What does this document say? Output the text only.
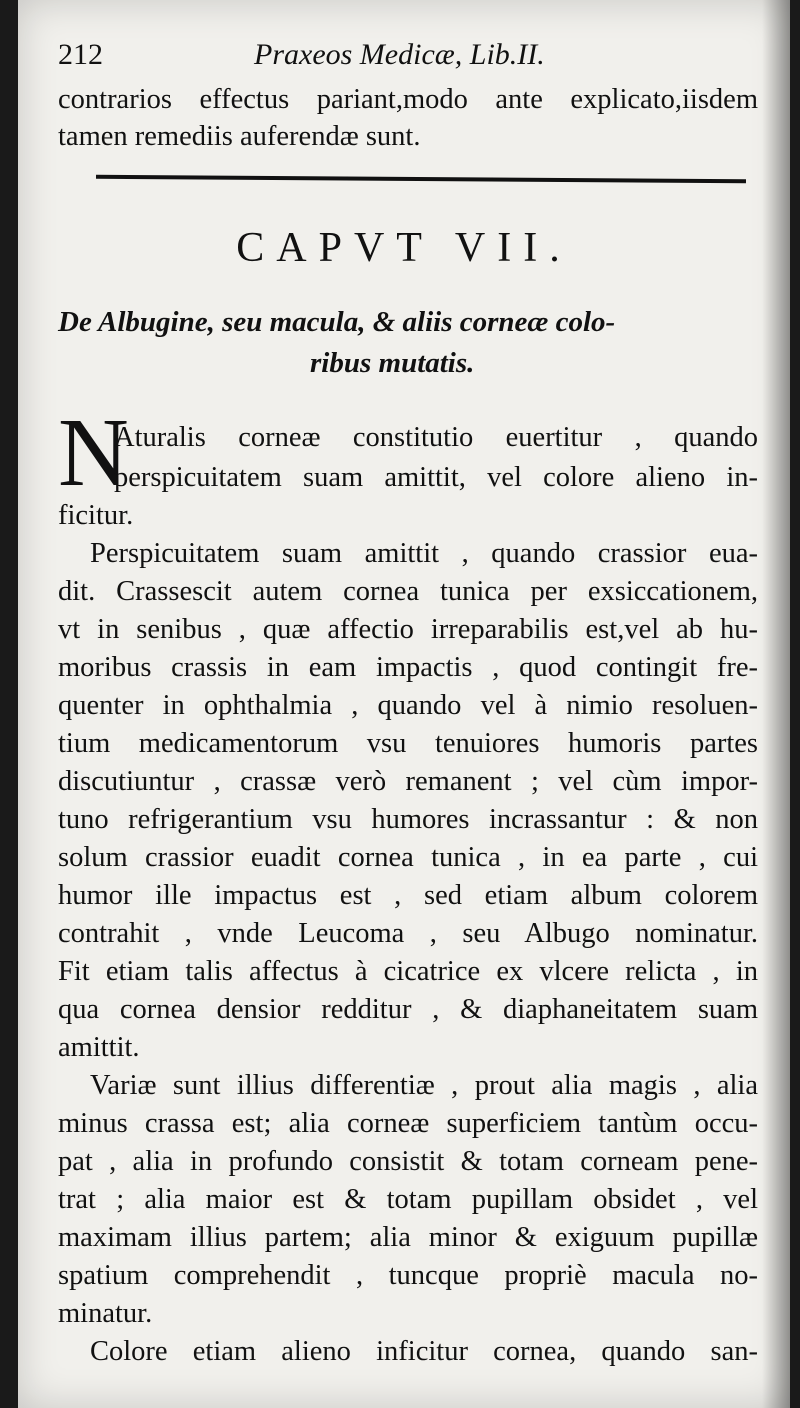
212	Praxeos Medicæ, Lib.II.
contrarios effectus pariant,modo ante explicato,iisdem
tamen remediis auferendæ sunt.
CAPVT VII.
De Albugine, seu macula, & aliis corneæ colo-
ribus mutatis.
N
Aturalis corneæ constitutio euertitur , quando
perspicuitatem suam amittit, vel colore alieno in-
ficitur.
Perspicuitatem suam amittit , quando crassior eua-
dit. Crassescit autem cornea tunica per exsiccationem,
vt in senibus , quæ affectio irreparabilis est,vel ab hu-
moribus crassis in eam impactis , quod contingit fre-
quenter in ophthalmia , quando vel à nimio resoluen-
tium medicamentorum vsu tenuiores humoris partes
discutiuntur , crassæ verò remanent ; vel cùm impor-
tuno refrigerantium vsu humores incrassantur : & non
solum crassior euadit cornea tunica , in ea parte , cui
humor ille impactus est , sed etiam album colorem
contrahit , vnde Leucoma , seu Albugo nominatur.
Fit etiam talis affectus à cicatrice ex vlcere relicta , in
qua cornea densior redditur , & diaphaneitatem suam
amittit.
Variæ sunt illius differentiæ , prout alia magis , alia
minus crassa est; alia corneæ superficiem tantùm occu-
pat , alia in profundo consistit & totam corneam pene-
trat ; alia maior est & totam pupillam obsidet , vel
maximam illius partem; alia minor & exiguum pupillæ
spatium comprehendit , tuncque propriè macula no-
minatur.
Colore etiam alieno inficitur cornea, quando san-
